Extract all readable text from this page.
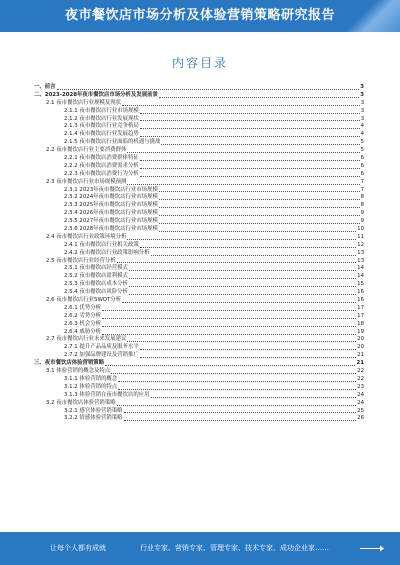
夜市餐饮店市场分析及体验营销策略研究报告
内容目录
一、前言	3
二、2023-2028年夜市餐饮店市场分析及发展前景	3
2.1 夜市餐饮店行业规模及现状	3
2.1.1 夜市餐饮店行业市场规模	3
2.1.2 夜市餐饮店行业发展现状	3
2.1.3 夜市餐饮店行业竞争格局	4
2.1.4 夜市餐饮店行业发展趋势	4
2.1.5 夜市餐饮店行业面临的机遇与挑战	5
2.2 夜市餐饮店行业主要消费群体	5
2.2.1 夜市餐饮店消费群体特征	6
2.2.2 夜市餐饮店消费需求分析	6
2.2.3 夜市餐饮店消费行为分析	6
2.3 夜市餐饮店行业市场规模预测	7
2.3.1 2023年夜市餐饮店行业市场规模	7
2.3.2 2024年夜市餐饮店行业市场规模	8
2.3.3 2025年夜市餐饮店行业市场规模	8
2.3.4 2026年夜市餐饮店行业市场规模	9
2.3.5 2027年夜市餐饮店行业市场规模	9
2.3.6 2028年夜市餐饮店行业市场规模	10
2.4 夜市餐饮店行业政策环境分析	11
2.4.1 夜市餐饮店行业相关政策	12
2.4.2 夜市餐饮店行业政策影响分析	13
2.5 夜市餐饮店行业经营分析	13
2.5.1 夜市餐饮店经营模式	14
2.5.2 夜市餐饮店盈利模式	14
2.5.3 夜市餐饮店成本分析	15
2.5.4 夜市餐饮店风险分析	16
2.6 夜市餐饮店行业SWOT分析	16
2.6.1 优势分析	17
2.6.2 劣势分析	17
2.6.3 机会分析	18
2.6.4 威胁分析	19
2.7 夜市餐饮店行业未来发展建议	20
2.7.1 提升产品品质及服务水平	20
2.7.2 加强品牌建设及营销推广	21
三、夜市餐饮店体验营销策略	21
3.1 体验营销的概念及特点	22
3.1.1 体验营销的概念	22
3.1.2 体验营销的特点	23
3.1.3 体验营销在夜市餐饮店的应用	24
3.2 夜市餐饮店体验营销策略	24
3.2.1 感官体验营销策略	25
3.2.2 情感体验营销策略	26
让每个人都有成就	行业专家、营销专家、管理专家、技术专家、成功企业家……
